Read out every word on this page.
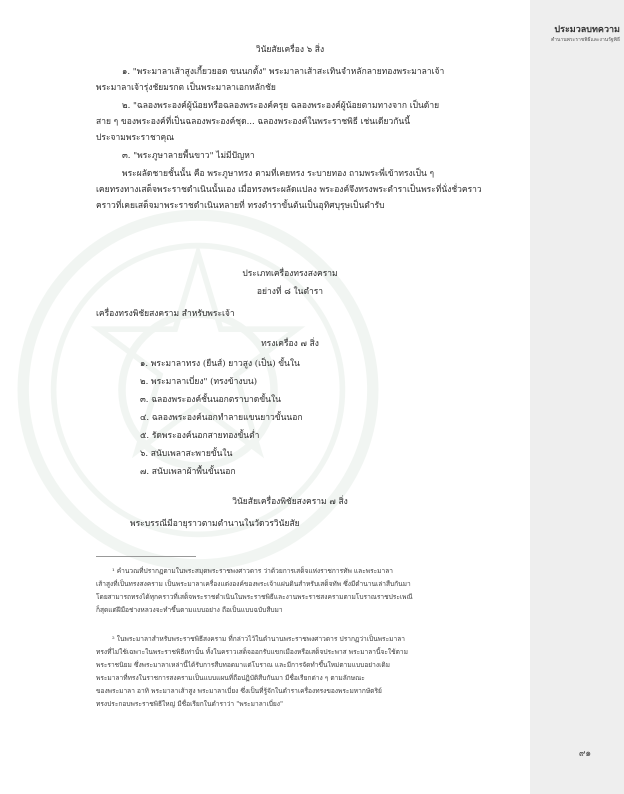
ประมวลบทความ
ตำนานพระราชพิธีและงานรัฐพิธี
๙๑
วินัยสัยเครื่อง ๖ สิ่ง
๑. "พระมาลาเส้าสูงเกี้ยวยอด ขนนกตั้ง" พระมาลาเส้าสะเทินจำหลักลายทองพระมาลาเจ้า
พระมาลาเจ้ารุ่งชัยมรกต เป็นพระมาลาเอกหลักชัย
๒. "ฉลองพระองค์ผู้น้อยหรือฉลองพระองค์ครุย ฉลองพระองค์ผู้น้อยตามทางจาก เป็นด้าย
สาย ๆ ของพระองค์ที่เป็นฉลองพระองค์ชุด... ฉลองพระองค์ในพระราชพิธี เช่นเดียวกันนี้
ประจามพระราชาคุณ
๓. "พระภูษาลายพื้นขาว" ไม่มีปัญหา
พระผลัดชายชั้นนั้น คือ พระภูษาทรง ตามที่เคยทรง ระบายทอง ถามพระพี่เข้าทรงเป็น ๆ
เคยทรงทางเสด็จพระราชดำเนินนั้นเอง เมื่อทรงพระผลัดแปลง พระองค์จึงทรงพระตำราเป็นพระที่นั่งชั่วคราว
คราวที่เคยเสด็จมาพระราชดำเนินหลายที่ ทรงตำราขั้นต้นเป็นอุทิศบุรุษเป็นตำรับ
ประเภทเครื่องทรงสงคราม
อย่างที่ ๘ ในตำรา
เครื่องทรงพิชัยสงคราม สำหรับพระเจ้า
ทรงเครื่อง ๗ สิ่ง
๑. พระมาลาทรง (ยืนส์) ยาวสูง (เป็น) ขั้นใน
๒. พระมาลาเบี่ยง" (ทรงข้างบน)
๓. ฉลองพระองค์ชั้นนอกตราบาดขั้นใน
๔. ฉลองพระองค์นอกทำลายแขนยาวขั้นนอก
๕. รัดพระองค์นอกสายทองขั้นต่ำ
๖. สนับเพลาสะพายขั้นใน
๗. สนับเพลาผ้าพื้นขั้นนอก
วินัยสัยเครื่องพิชัยสงคราม ๗ สิ่ง
พระบรรณีมีอายุราวตามตำนานในวัดวรวินัยสัย
¹ คำนวณที่ปรากฏตามในพระสมุดพระราชพงศาวดาร ว่าด้วยการเสด็จแห่งราชการทัพ และพระมาลา
เส้าสูงที่เป็นทรงสงคราม เป็นพระมาลาเครื่องแต่งองค์ของพระเจ้าแผ่นดินสำหรับเสด็จทัพ ซึ่งมีตำนานเล่าสืบกันมา
โดยสามารถทรงได้ทุกคราวที่เสด็จพระราชดำเนินในพระราชพิธีและงานพระราชสงครามตามโบราณราชประเพณี
ก็สุดแต่ฝีมือช่างหลวงจะทำขึ้นตามแบบอย่าง ถือเป็นแบบฉบับสืบมา
² ในพระมาลาสำหรับพระราชพิธีสงคราม ที่กล่าวไว้ในตำนานพระราชพงศาวดาร ปรากฏว่าเป็นพระมาลา
ทรงที่ไม่ใช้เฉพาะในพระราชพิธีเท่านั้น ทั้งในคราวเสด็จออกรับแขกเมืองหรือเสด็จประพาส พระมาลานี้จะใช้ตาม
พระราชนิยม ซึ่งพระมาลาเหล่านี้ได้รับการสืบทอดมาแต่โบราณ และมีการจัดทำขึ้นใหม่ตามแบบอย่างเดิม
พระมาลาที่ทรงในราชการสงครามเป็นแบบแผนที่ถือปฏิบัติสืบกันมา มีชื่อเรียกต่าง ๆ ตามลักษณะ
ของพระมาลา อาทิ พระมาลาเส้าสูง พระมาลาเบี่ยง ซึ่งเป็นที่รู้จักในตำราเครื่องทรงของพระมหากษัตริย์
ทรงประกอบพระราชพิธีใหญ่ มีชื่อเรียกในตำราว่า "พระมาลาเบี่ยง"
